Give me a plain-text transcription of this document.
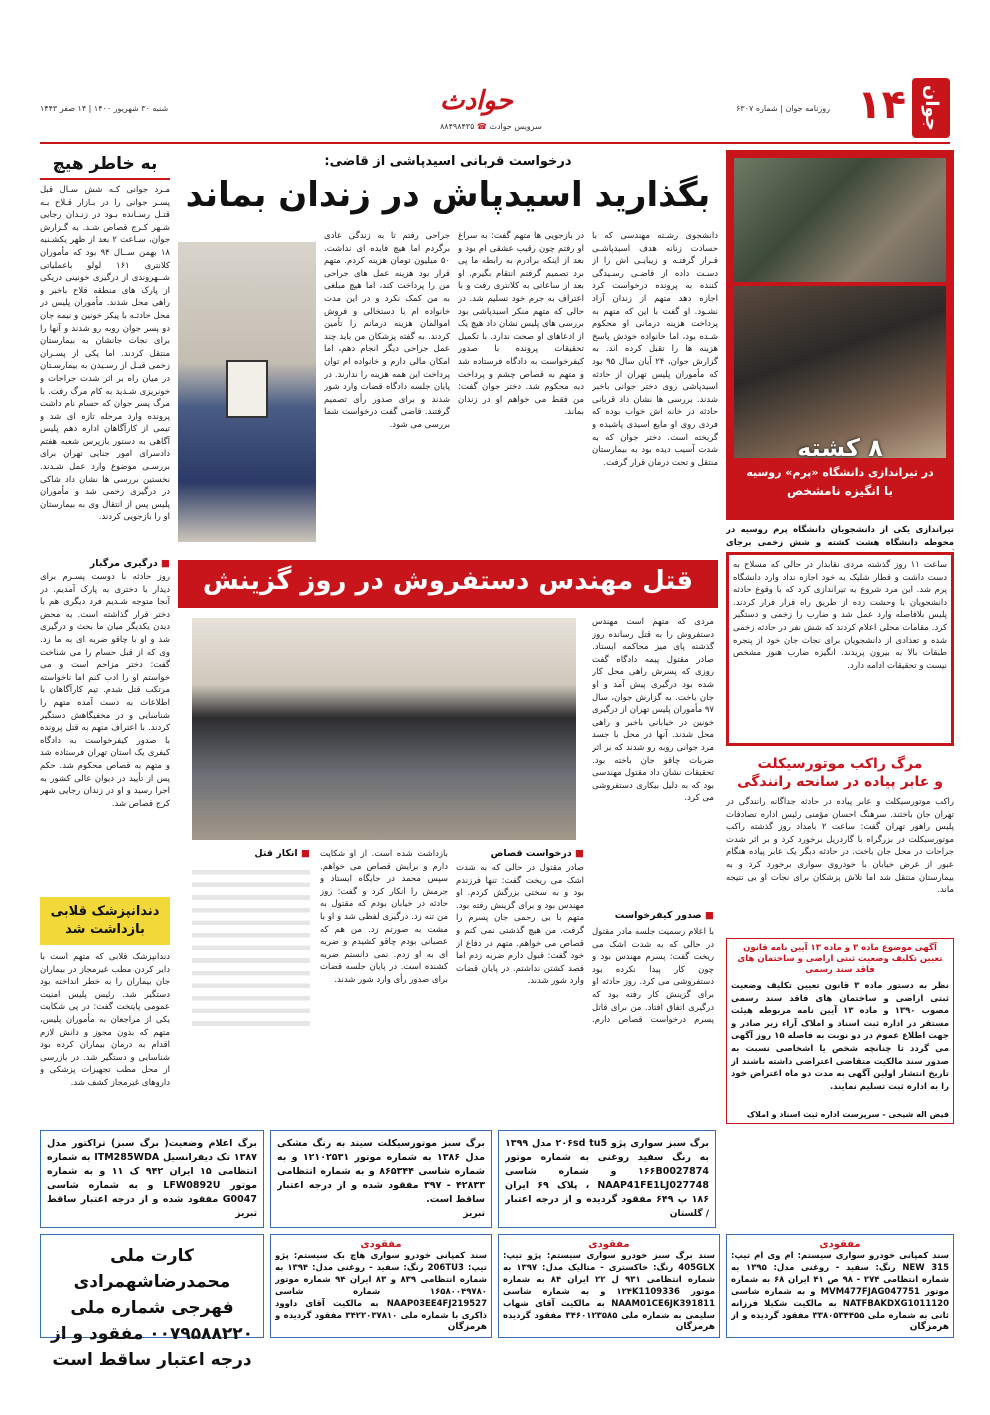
جوان
۱۴
روزنامه جوان | شماره ۶۳۰۷
شنبه ۳۰ شهریور ۱۴۰۰ | ۱۴ صفر ۱۴۴۳	حوادث
سرویس حوادث ☎ ۸۸۴۹۸۴۳۵
به خاطر هیچ
مـرد جوانی کـه شش سـال قبل پسـر جوانی را در بـازار قـلاح بـه قتـل رسـانده بـود در زنـدان رجایی شـهر کـرج قصاص شـد. به گـزارش جوان، سـاعت ۲ بعد از ظهر یکشـنبه ۱۸ بهمن ســال ۹۴ بود که مأموران کلانتری ۱۶۱ لولو باعملیاتی شــهروندی از درگیری خونینی دریکی از پارک های منطقه قلاح باخبر و راهی محل شدند. مأموران پلیس در محل حادثـه با پیکر خونین و نیمه جان دو پسر جوان روبه رو شدند و آنها را برای نجات جانشان به بیمارستان منتقل کردند. اما یکی از پسـران زخمی قبـل از رسـیدن به بیمارسـتان در میان راه بر اثر شدت جراحات و خونریزی شـدید به کام مرگ رفت. با مرگ پسر جوان که حسام نام داشت پرونده وارد مرحله تازه ای شد و تیمی از کارآگاهان اداره دهم پلیس آگاهی به دستور بازپرس شعبه هفتم دادسرای امور جنایی تهران برای بررسـی موضوع وارد عمل شـدند. نخستین بررسی ها نشان داد شاکی در درگیری زخمی شد و مأموران پلیس پس از انتقال وی به بیمارستان او را بازجویی کردند.
■ درگیری مرگبار
روز حادثه با دوست پسـرم برای دیدار با دختری به پارک آمدیم. در آنجا متوجه شـدیم فرد دیگری هم با دختر قرار گذاشته است. به محض دیدن یکدیگر میان ما بحث و درگیری شد و او با چاقو ضربه ای به ما زد. وی که از قبل حسام را می شناخت گفت: دختر مزاحم است و می خواستم او را ادب کنم اما ناخواسته مرتکب قتل شدم. تیم کارآگاهان با اطلاعات به دست آمده متهم را شناسایی و در مخفیگاهش دستگیر کردند. با اعتراف متهم به قتل پرونده با صدور کیفرخواست به دادگاه کیفری یک استان تهران فرستاده شد و متهم به قصاص محکوم شد. حکم پس از تأیید در دیوان عالی کشور به اجرا رسید و او در زندان رجایی شهر کرج قصاص شد.
دندانپزشک قلابی بازداشت شد
دندانپزشک قلابی که متهم است با دایر کردن مطب غیرمجاز در بیماران جان بیماران را به خطر انداخته بود دستگیر شد. رئیس پلیس امنیت عمومی پایتخت گفت: در پی شکایت یکی از مراجعان به مأموران پلیس، متهم که بدون مجوز و دانش لازم اقدام به درمان بیماران کرده بود شناسایی و دستگیر شد. در بازرسی از محل مطب تجهیزات پزشکی و داروهای غیرمجاز کشف شد.
درخواست قربانی اسیدپاشی از قاضی:
بگذارید اسیدپاش در زندان بماند
دانشجوی رشـته مهندسی که با حسادت زنانه هدف اسیدپاشـی قـرار گرفتـه و زیبایـی اش را از دسـت داده از قاضـی رسـیدگی کننده به پرونده درخواست کرد اجازه دهد متهم از زندان آزاد نشـود. او گفت با این که متهم به پرداخت هزینه درمانی او محکوم شـده بود، اما خانواده خودش پاسخ هزینه ها را تقبل کرده اند. به گزارش جوان، ۲۴ آبان سال ۹۵ بود که مأموران پلیس تهران از حادثه اسیدپاشی روی دختر جوانی باخبر شدند. بررسی ها نشان داد قربانی حادثه در خانه اش خواب بوده که فردی روی او مایع اسیدی پاشیده و گریخته است. دختر جوان که به شدت آسیب دیده بود به بیمارستان منتقل و تحت درمان قرار گرفت.
در بازجویی ها متهم گفت: به سراغ او رفتم چون رقیب عشقی ام بود و بعد از اینکه برادرم به رابطه ما پی برد تصمیم گرفتم انتقام بگیرم. او بعد از ساعاتی به کلانتری رفت و با اعتراف به جرم خود تسلیم شد. در حالی که متهم منکر اسیدپاشی بود بررسی های پلیس نشان داد هیچ یک از ادعاهای او صحت ندارد. با تکمیل تحقیقات پرونده با صدور کیفرخواست به دادگاه فرستاده شد و متهم به قصاص چشم و پرداخت دیه محکوم شد. دختر جوان گفت: من فقط می خواهم او در زندان بماند.
جراحی رفتم تا به زندگی عادی برگردم اما هیچ فایده ای نداشت. ۵۰ میلیون تومان هزینه کردم. متهم قرار بود هزینه عمل های جراحی من را پرداخت کند، اما هیچ مبلغی به من کمک نکرد و در این مدت خانواده ام با دستخالی و فروش اموالمان هزینه درمانم را تأمین کردند. به گفته پزشکان من باید چند عمل جراحی دیگر انجام دهم، اما امکان مالی دارم و خانواده ام توان پرداخت این همه هزینه را ندارند. در پایان جلسه دادگاه قضات وارد شور شدند و برای صدور رأی تصمیم گرفتند. قاضی گفت درخواست شما بررسی می شود.
۸ کشته
در تیراندازی دانشگاه «پرم» روسیه
با انگیزه نامشخص
تیراندازی یکی از دانشجویان دانشگاه پرم روسیه در محوطه دانشگاه هشت کشته و شش زخمی برجای
ساعت ۱۱ روز گذشته مردی نقابدار در حالی که مسلاح به دست داشت و قطار شلیک به خود اجازه نداد وارد دانشگاه پرم شد. این مرد شروع به تیراندازی کرد که با وقوع حادثه دانشجویان با وحشت زده از طریق راه فرار فرار کردند. پلیس بلافاصله وارد عمل شد و ضارب را زخمی و دستگیر کرد. مقامات محلی اعلام کردند که شش نفر در حادثه زخمی شده و تعدادی از دانشجویان برای نجات جان خود از پنجره طبقات بالا به بیرون پریدند. انگیزه ضارب هنوز مشخص نیست و تحقیقات ادامه دارد.
قتل مهندس دستفروش در روز گزینش
مردی که متهم است مهندس دستفروش را به قتل رسانده روز گذشته پای میز محاکمه ایستاد. صادر مقتول پیمه دادگاه گفت روزی که پسرش راهی محل کار شده بود درگیری پیش آمد و او جان باخت. به گزارش جوان، سال ۹۷ مأموران پلیس تهران از درگیری خونین در خیابانی باخبر و راهی محل شدند. آنها در محل با جسد مرد جوانی روبه رو شدند که بر اثر ضربات چاقو جان باخته بود. تحقیقات نشان داد مقتول مهندسی بود که به دلیل بیکاری دستفروشی می کرد.
■ صدور کیفرخواست
با اعلام رسمیت جلسه مادر مقتول در حالی که به شدت اشک می ریخت گفت: پسرم مهندس بود و چون کار پیدا نکرده بود دستفروشی می کرد. روز حادثه او برای گزینش کار رفته بود که درگیری اتفاق افتاد. من برای قاتل پسرم درخواست قصاص دارم.
■ درخواست قصاص
صادر مقتول در حالی که به شدت اشک می ریخت گفت: تنها فرزندم بود و به سختی بزرگش کردم. او مهندس بود و برای گزینش رفته بود. متهم با بی رحمی جان پسرم را گرفت. من هیچ گذشتی نمی کنم و قصاص می خواهم. متهم در دفاع از خود گفت: قبول دارم ضربه زدم اما قصد کشتن نداشتم. در پایان قضات وارد شور شدند.
بازداشت شده است. از او شکایت دارم و برایش قصاص می خواهم. سپس محمد در جایگاه ایستاد و جرمش را انکار کرد و گفت: روز حادثه در خیابان بودم که مقتول به من تنه زد. درگیری لفظی شد و او با مشت به صورتم زد. من هم که عصبانی بودم چاقو کشیدم و ضربه ای به او زدم. نمی دانستم ضربه کشنده است. در پایان جلسه قضات برای صدور رأی وارد شور شدند.
■ انکار قتل
مرگ راکب موتورسیکلت
و عابر پیاده در سانحه رانندگی
راکب موتورسیکلت و عابر پیاده در حادثه جداگانه رانندگی در تهران جان باختند. سرهنگ احسان مؤمنی رئیس اداره تصادفات پلیس راهور تهران گفت: ساعت ۲ بامداد روز گذشته راکب موتورسیکلت در بزرگراه با گاردریل برخورد کرد و بر اثر شدت جراحات در محل جان باخت. در حادثه دیگر یک عابر پیاده هنگام عبور از عرض خیابان با خودروی سواری برخورد کرد و به بیمارستان منتقل شد اما تلاش پزشکان برای نجات او بی نتیجه ماند.
آگهی موضوع ماده ۳ و ماده ۱۳ آیین نامه قانون تعیین تکلیف وضعیت ثبتی اراضی و ساختمان های فاقد سند رسمی
نظر به دستور ماده ۳ قانون تعیین تکلیف وضعیت ثبتی اراضی و ساختمان های فاقد سند رسمی مصوب ۱۳۹۰ و ماده ۱۳ آیین نامه مربوطه هیئت مستقر در اداره ثبت اسناد و املاک آراء زیر صادر و جهت اطلاع عموم در دو نوبت به فاصله ۱۵ روز آگهی می گردد تا چنانچه شخص یا اشخاصی نسبت به صدور سند مالکیت متقاضی اعتراضی داشته باشند از تاریخ انتشار اولین آگهی به مدت دو ماه اعتراض خود را به اداره ثبت تسلیم نمایند.
فیض اله شیخی - سرپرست اداره ثبت اسناد و املاک
برگ سبز سواری پژو ۲۰۶sd tu5 مدل ۱۳۹۹ به رنگ سفید روغنی به شماره موتور ۱۶۶B0027874 و شماره شاسی NAAP41FE1LJ027748 ، پلاک ۶۹ ایران ۱۸۶ پ ۶۴۹ مفقود گردیده و از درجه اعتبار
/ گلستان
برگ سبز موتورسیکلت سیند به رنگ مشکی مدل ۱۳۸۶ به شماره موتور ۱۲۱۰۲۵۳۱ و به شماره شاسی ۸۶۵۳۴۴ و به شماره انتظامی ۴۲۸۳۳ - ۳۹۷ مفقود شده و از درجه اعتبار ساقط است.
تبریز
برگ اعلام وضعیت( برگ سبز) تراکتور مدل ۱۳۸۷ تک دیفرانسیل ITM285WDA به شماره انتظامی ۱۵ ایران ۹۴۲ ک ۱۱ و به شماره موتور LFW0892U و به شماره شاسی G0047 مفقود شده و از درجه اعتبار ساقط
تبریز
مفقودی
سند کمپانی خودرو سواری سیستم: ام وی ام تیپ: NEW 315 رنگ: سفید - روغنی مدل: ۱۳۹۵ به شماره انتظامی ۲۷۴ - ۹۸ ص ۴۱ ایران ۶۸ به شماره موتور MVM477FJAG047751 و به شماره شاسی NATFBAKDXG1011120 به مالکیت شکیلا فرزانه ثانی به شماره ملی ۳۳۸۰۵۳۴۴۵۵ مفقود گردیده و از
هرمزگان
مفقودی
سند برگ سبز خودرو سواری سیستم: پژو تیپ: 405GLX رنگ: خاکستری - متالیک مدل: ۱۳۹۷ به شماره انتظامی ۹۳۱ ل ۲۲ ایران ۸۴ به شماره موتور ۱۲۴K1109336 و به شماره شاسی NAAM01CE6JK391811 به مالکیت آقای شهاب سلیمی به شماره ملی ۳۴۶۰۱۲۳۵۸۵ مفقود گردیده
هرمزگان
مفقودی
سند کمپانی خودرو سواری هاچ بک سیستم: پژو تیپ: 206TU3 رنگ: سفید - روغنی مدل: ۱۳۹۴ به شماره انتظامی ۸۳۹ و ۸۳ ایران ۹۴ شماره موتور ۱۶۵۸۰۰۴۹۷۸۰ شماره شاسی NAAP03EE4FJ219527 به مالکیت آقای داوود ذاکری با شماره ملی ۳۴۲۲۰۳۷۸۱۰ مفقود گردیده و
هرمزگان
کارت ملی محمدرضاشهمرادی فهرجی شماره ملی ۰۰۷۹۵۸۸۲۲۰ مفقود و از درجه اعتبار ساقط است
